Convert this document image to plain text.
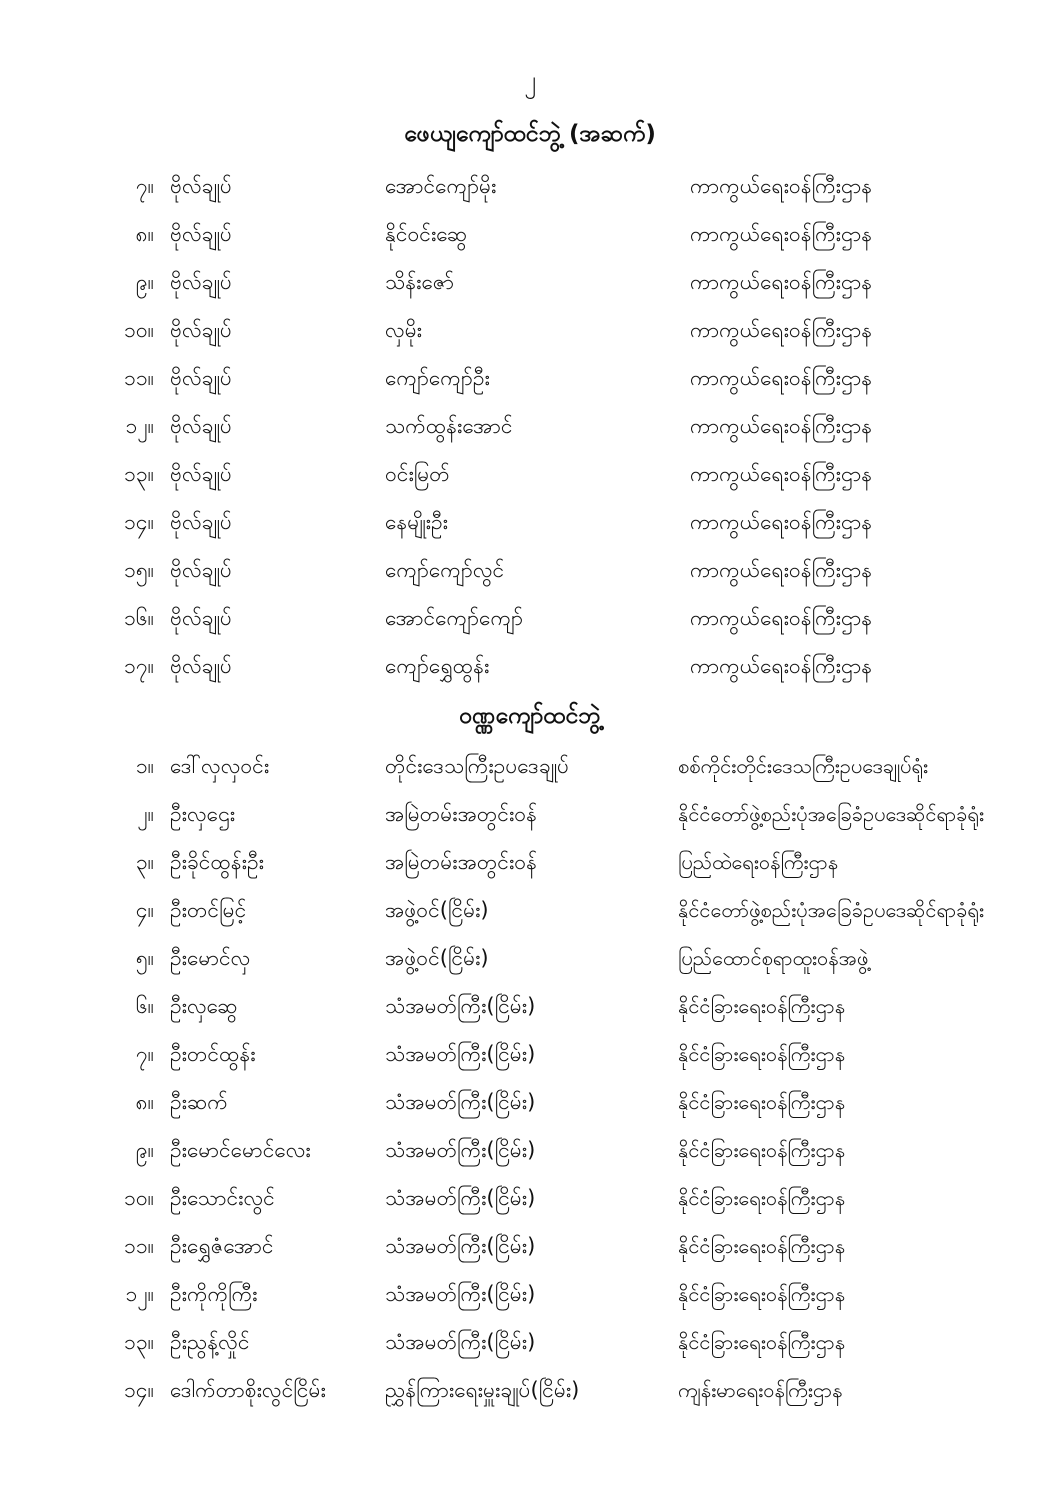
၂
ဖေယျကျော်ထင်ဘွဲ့ (အဆက်)
၇။ ဗိုလ်ချုပ်	အောင်ကျော်မိုး	ကာကွယ်ရေးဝန်ကြီးဌာန
၈။ ဗိုလ်ချုပ်	နိုင်ဝင်းဆွေ	ကာကွယ်ရေးဝန်ကြီးဌာန
၉။ ဗိုလ်ချုပ်	သိန်းဇော်	ကာကွယ်ရေးဝန်ကြီးဌာန
၁၀။ ဗိုလ်ချုပ်	လှမိုး	ကာကွယ်ရေးဝန်ကြီးဌာန
၁၁။ ဗိုလ်ချုပ်	ကျော်ကျော်ဦး	ကာကွယ်ရေးဝန်ကြီးဌာန
၁၂။ ဗိုလ်ချုပ်	သက်ထွန်းအောင်	ကာကွယ်ရေးဝန်ကြီးဌာန
၁၃။ ဗိုလ်ချုပ်	ဝင်းမြတ်	ကာကွယ်ရေးဝန်ကြီးဌာန
၁၄။ ဗိုလ်ချုပ်	နေမျိုးဦး	ကာကွယ်ရေးဝန်ကြီးဌာန
၁၅။ ဗိုလ်ချုပ်	ကျော်ကျော်လွင်	ကာကွယ်ရေးဝန်ကြီးဌာန
၁၆။ ဗိုလ်ချုပ်	အောင်ကျော်ကျော်	ကာကွယ်ရေးဝန်ကြီးဌာန
၁၇။ ဗိုလ်ချုပ်	ကျော်ရွှေထွန်း	ကာကွယ်ရေးဝန်ကြီးဌာန
ဝဏ္ဏကျော်ထင်ဘွဲ့
၁။ ဒေါ်လှလှဝင်း	တိုင်းဒေသကြီးဥပဒေချုပ်	စစ်ကိုင်းတိုင်းဒေသကြီးဥပဒေချုပ်ရုံး
၂။ ဦးလှဌေး	အမြဲတမ်းအတွင်းဝန်	နိုင်ငံတော်ဖွဲ့စည်းပုံအခြေခံဥပဒေဆိုင်ရာခုံရုံး
၃။ ဦးခိုင်ထွန်းဦး	အမြဲတမ်းအတွင်းဝန်	ပြည်ထဲရေးဝန်ကြီးဌာန
၄။ ဦးတင်မြင့်	အဖွဲ့ဝင်(ငြိမ်း)	နိုင်ငံတော်ဖွဲ့စည်းပုံအခြေခံဥပဒေဆိုင်ရာခုံရုံး
၅။ ဦးမောင်လှ	အဖွဲ့ဝင်(ငြိမ်း)	ပြည်ထောင်စုရာထူးဝန်အဖွဲ့
၆။ ဦးလှဆွေ	သံအမတ်ကြီး(ငြိမ်း)	နိုင်ငံခြားရေးဝန်ကြီးဌာန
၇။ ဦးတင်ထွန်း	သံအမတ်ကြီး(ငြိမ်း)	နိုင်ငံခြားရေးဝန်ကြီးဌာန
၈။ ဦးဆက်	သံအမတ်ကြီး(ငြိမ်း)	နိုင်ငံခြားရေးဝန်ကြီးဌာန
၉။ ဦးမောင်မောင်လေး	သံအမတ်ကြီး(ငြိမ်း)	နိုင်ငံခြားရေးဝန်ကြီးဌာန
၁၀။ ဦးသောင်းလွင်	သံအမတ်ကြီး(ငြိမ်း)	နိုင်ငံခြားရေးဝန်ကြီးဌာန
၁၁။ ဦးရွှေဇံအောင်	သံအမတ်ကြီး(ငြိမ်း)	နိုင်ငံခြားရေးဝန်ကြီးဌာန
၁၂။ ဦးကိုကိုကြီး	သံအမတ်ကြီး(ငြိမ်း)	နိုင်ငံခြားရေးဝန်ကြီးဌာန
၁၃။ ဦးညွန့်လှိုင်	သံအမတ်ကြီး(ငြိမ်း)	နိုင်ငံခြားရေးဝန်ကြီးဌာန
၁၄။ ဒေါက်တာစိုးလွင်ငြိမ်း	ညွှန်ကြားရေးမှူးချုပ်(ငြိမ်း)	ကျန်းမာရေးဝန်ကြီးဌာန
